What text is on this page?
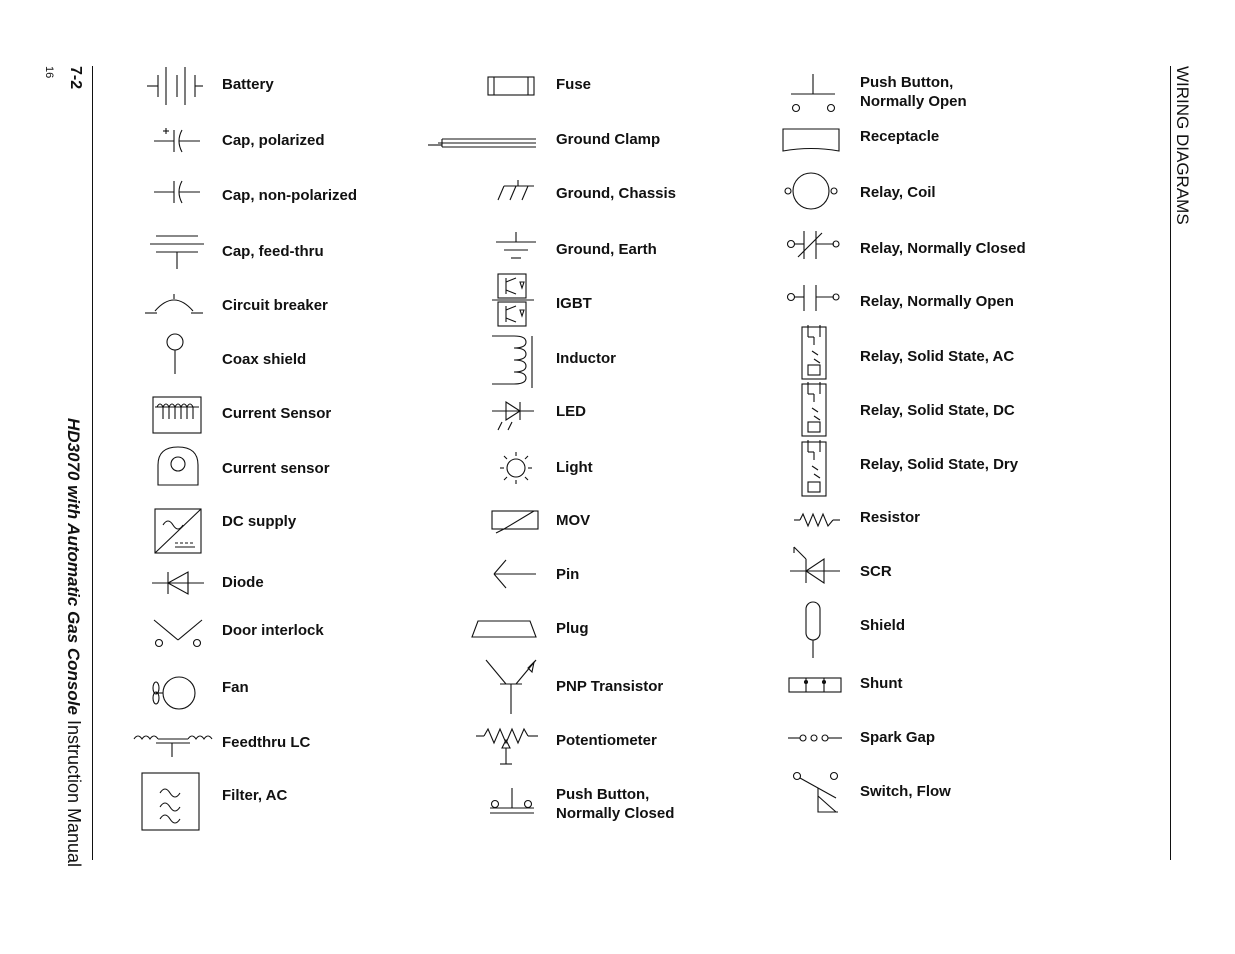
7-2
16
HD3070 with Automatic Gas Console Instruction Manual
WIRING DIAGRAMS
Battery
Cap, polarized
Cap, non-polarized
Cap, feed-thru
Circuit breaker
Coax shield
Current Sensor
Current sensor
DC supply
Diode
Door interlock
Fan
Feedthru LC
Filter, AC
Fuse
Ground Clamp
Ground, Chassis
Ground, Earth
IGBT
Inductor
LED
Light
MOV
Pin
Plug
PNP Transistor
Potentiometer
Push Button,
Normally Closed
Push Button,
Normally Open
Receptacle
Relay, Coil
Relay, Normally Closed
Relay, Normally Open
Relay, Solid State, AC
Relay, Solid State, DC
Relay, Solid State, Dry
Resistor
SCR
Shield
Shunt
Spark Gap
Switch, Flow
